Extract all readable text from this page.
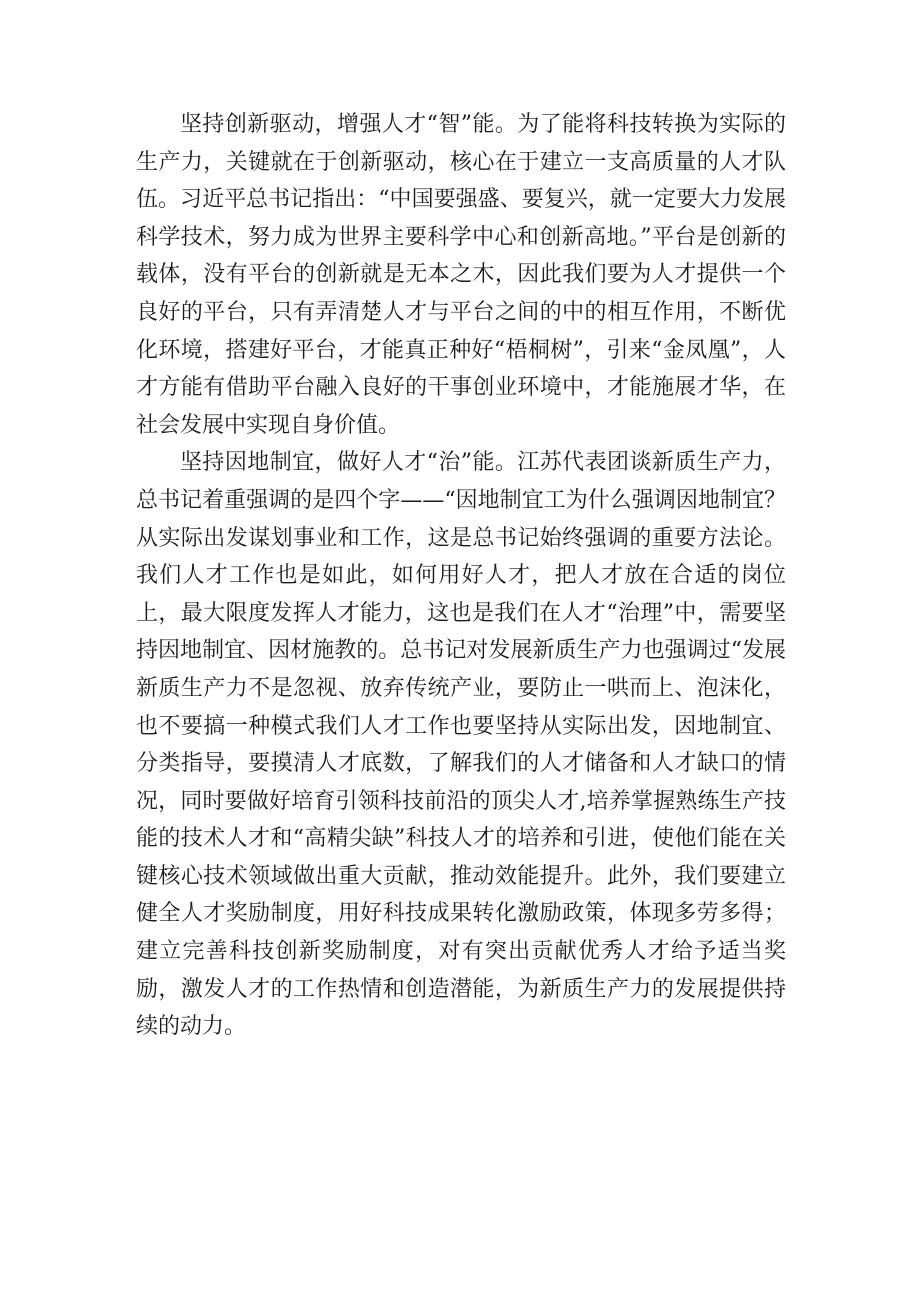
坚持创新驱动，增强人才“智”能。为了能将科技转换为实际的生产力，关键就在于创新驱动，核心在于建立一支高质量的人才队伍。习近平总书记指出：“中国要强盛、要复兴，就一定要大力发展科学技术，努力成为世界主要科学中心和创新高地。”平台是创新的载体，没有平台的创新就是无本之木，因此我们要为人才提供一个良好的平台，只有弄清楚人才与平台之间的中的相互作用，不断优化环境，搭建好平台，才能真正种好“梧桐树”，引来“金凤凰”，人才方能有借助平台融入良好的干事创业环境中，才能施展才华，在社会发展中实现自身价值。

坚持因地制宜，做好人才“治”能。江苏代表团谈新质生产力，总书记着重强调的是四个字——“因地制宜工为什么强调因地制宜？从实际出发谋划事业和工作，这是总书记始终强调的重要方法论。我们人才工作也是如此，如何用好人才，把人才放在合适的岗位上，最大限度发挥人才能力，这也是我们在人才“治理”中，需要坚持因地制宜、因材施教的。总书记对发展新质生产力也强调过“发展新质生产力不是忽视、放弃传统产业，要防止一哄而上、泡沫化，也不要搞一种模式我们人才工作也要坚持从实际出发，因地制宜、分类指导，要摸清人才底数，了解我们的人才储备和人才缺口的情况，同时要做好培育引领科技前沿的顶尖人才,培养掌握熟练生产技能的技术人才和“高精尖缺”科技人才的培养和引进，使他们能在关键核心技术领域做出重大贡献，推动效能提升。此外，我们要建立健全人才奖励制度，用好科技成果转化激励政策，体现多劳多得；建立完善科技创新奖励制度，对有突出贡献优秀人才给予适当奖励，激发人才的工作热情和创造潜能，为新质生产力的发展提供持续的动力。
